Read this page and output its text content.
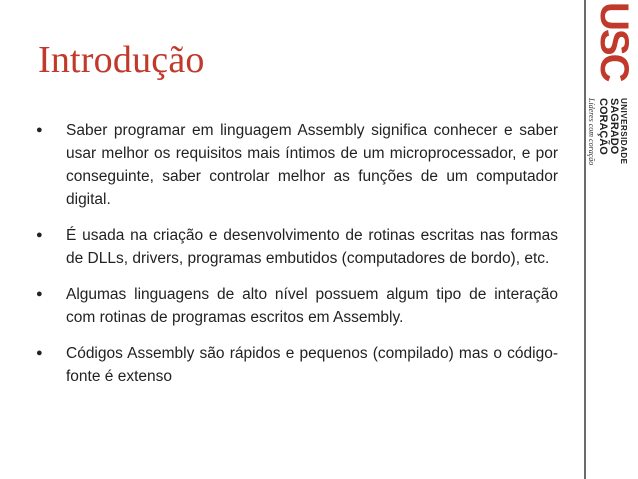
Introdução
●	Saber programar em linguagem Assembly significa conhecer e saber usar melhor os requisitos mais íntimos de um microprocessador, e por conseguinte, saber controlar melhor as funções de um computador digital.
●	É usada na criação e desenvolvimento de rotinas escritas nas formas de DLLs, drivers, programas embutidos (computadores de bordo), etc.
●	Algumas linguagens de alto nível possuem algum tipo de interação com rotinas de programas escritos em Assembly.
●	Códigos Assembly são rápidos e pequenos (compilado) mas o código-fonte é extenso
USC
UNIVERSIDADE
SAGRADO
CORAÇÃO
Líderes com coração
